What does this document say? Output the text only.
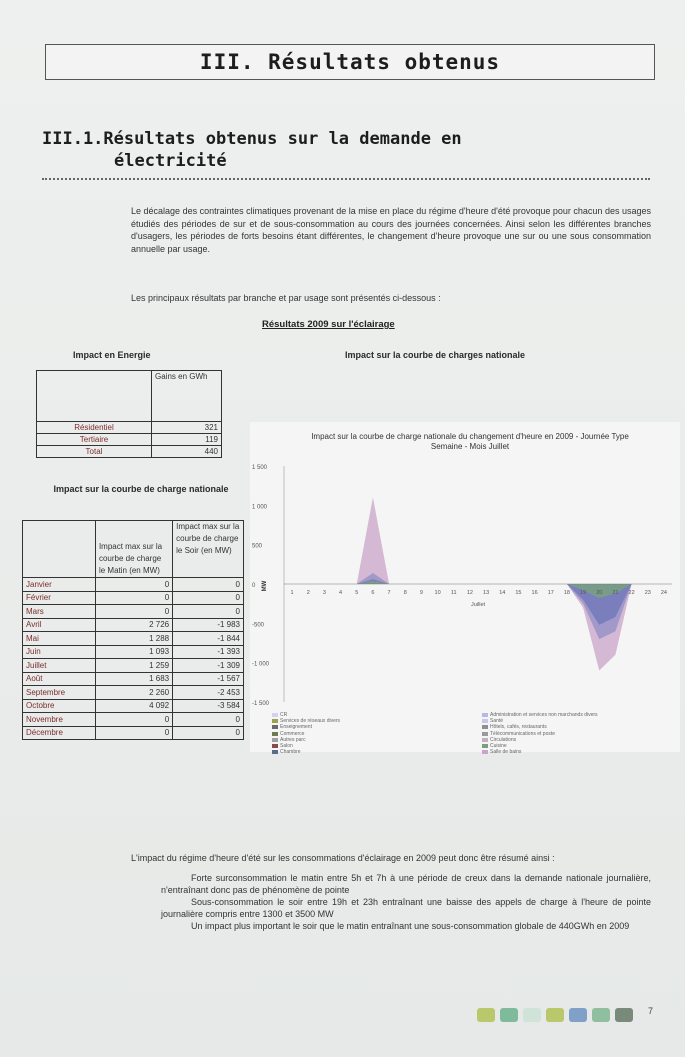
III. Résultats obtenus
III.1.Résultats obtenus sur la demande en
électricité
Le décalage des contraintes climatiques provenant de la mise en place du régime d'heure d'été provoque pour chacun des usages étudiés des périodes de sur et de sous-consommation au cours des journées concernées. Ainsi selon les différentes branches d'usagers, les périodes de forts besoins étant différentes, le changement d'heure provoque une sur ou une sous consommation annuelle par usage.
Les principaux résultats par branche et par usage sont présentés ci-dessous :
Résultats 2009 sur l'éclairage
Impact en Energie	Impact sur la courbe de charges nationale
	Gains en GWh
Résidentiel	321
Tertiaire	119
Total	440
Impact sur la courbe de charge nationale
	Impact max sur la courbe de charge le Matin (en MW)	Impact max sur la courbe de charge le Soir (en MW)
Janvier	0	0
Février	0	0
Mars	0	0
Avril	2 726	-1 983
Mai	1 288	-1 844
Juin	1 093	-1 393
Juillet	1 259	-1 309
Août	1 683	-1 567
Septembre	2 260	-2 453
Octobre	4 092	-3 584
Novembre	0	0
Décembre	0	0
Impact sur la courbe de charge nationale du changement d'heure en 2009 - Journée Type Semaine - Mois Juillet
1 500
1 000
500
0
-500
-1 000
-1 500
1 2 3 4 5 6 7 8 9 10 11 12 13 14 15 16 17 18 19 20 21 22 23 24
Juillet
MW
CR
Services de réseaux divers
Enseignement
Commerce
Autres parc
Salon
Chambre
Administration et services non marchands divers
Santé
Hôtels, cafés, restaurants
Télécommunications et poste
Circulations
Cuisine
Salle de bains
L'impact du régime d'heure d'été sur les consommations d'éclairage en 2009 peut donc être résumé ainsi :
Forte surconsommation le matin entre 5h et 7h à une période de creux dans la demande nationale journalière, n'entraînant donc pas de phénomène de pointe
Sous-consommation le soir entre 19h et 23h entraînant une baisse des appels de charge à l'heure de pointe journalière compris entre 1300 et 3500 MW
Un impact plus important le soir que le matin entraînant une sous-consommation globale de 440GWh en 2009
7
